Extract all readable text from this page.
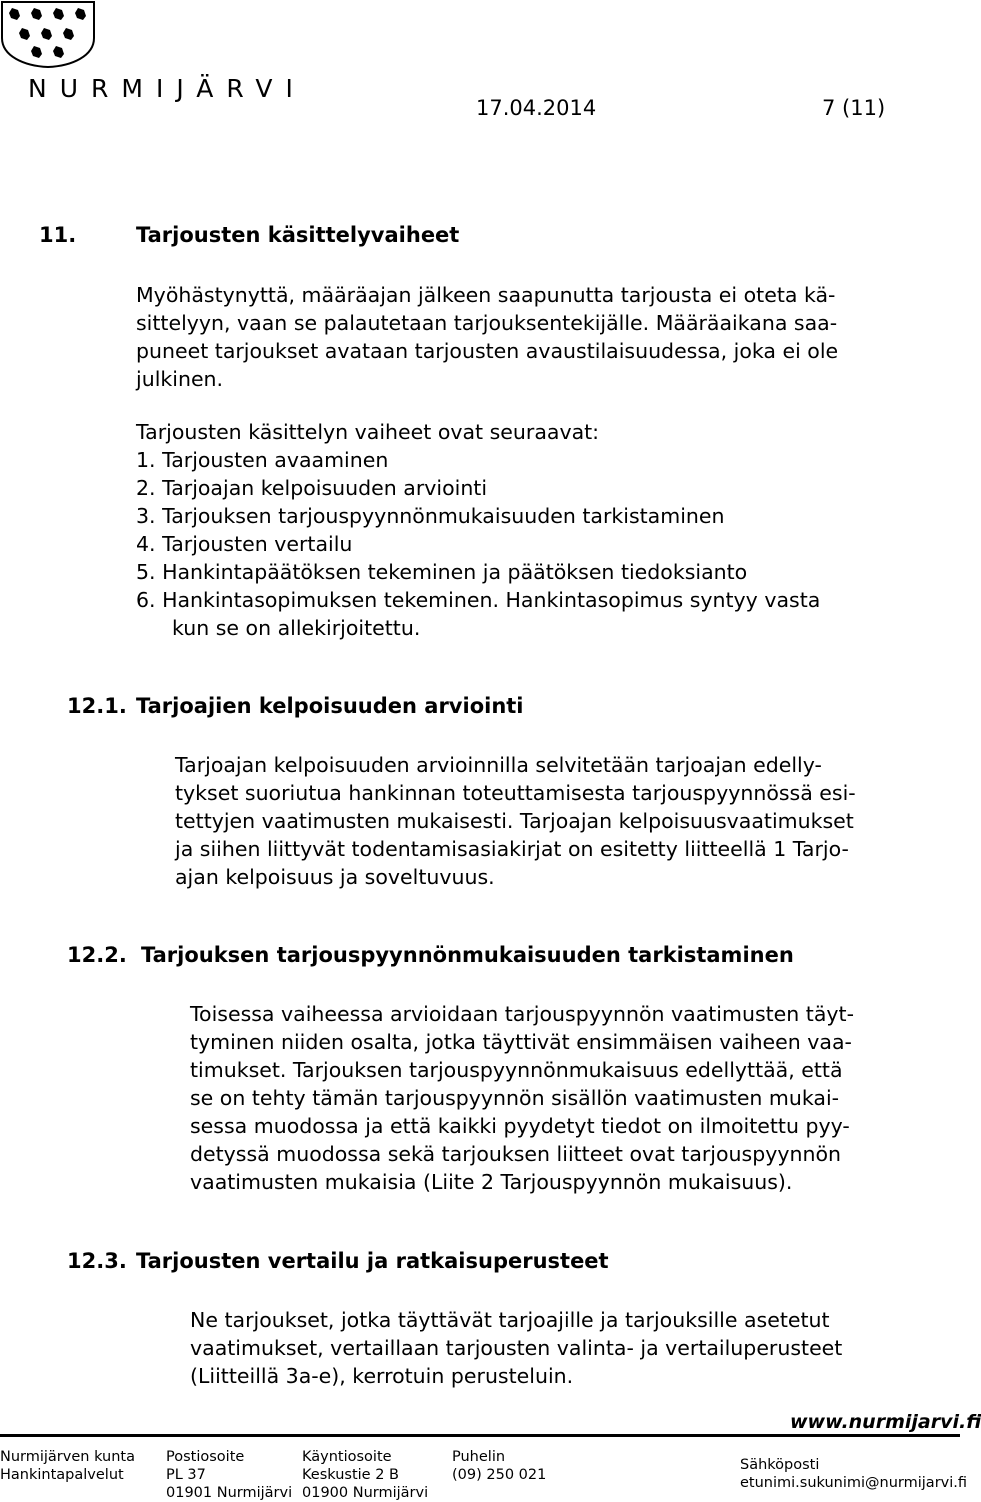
NURMIJÄRVI
17.04.2014	7 (11)
11.	Tarjousten käsittelyvaiheet
Myöhästynyttä, määräajan jälkeen saapunutta tarjousta ei oteta kä-
sittelyyn, vaan se palautetaan tarjouksentekijälle. Määräaikana saa-
puneet tarjoukset avataan tarjousten avaustilaisuudessa, joka ei ole
julkinen.
Tarjousten käsittelyn vaiheet ovat seuraavat:
1. Tarjousten avaaminen
2. Tarjoajan kelpoisuuden arviointi
3. Tarjouksen tarjouspyynnönmukaisuuden tarkistaminen
4. Tarjousten vertailu
5. Hankintapäätöksen tekeminen ja päätöksen tiedoksianto
6. Hankintasopimuksen tekeminen. Hankintasopimus syntyy vasta
kun se on allekirjoitettu.
12.1. Tarjoajien kelpoisuuden arviointi
Tarjoajan kelpoisuuden arvioinnilla selvitetään tarjoajan edelly-
tykset suoriutua hankinnan toteuttamisesta tarjouspyynnössä esi-
tettyjen vaatimusten mukaisesti. Tarjoajan kelpoisuusvaatimukset
ja siihen liittyvät todentamisasiakirjat on esitetty liitteellä 1 Tarjo-
ajan kelpoisuus ja soveltuvuus.
12.2. Tarjouksen tarjouspyynnönmukaisuuden tarkistaminen
Toisessa vaiheessa arvioidaan tarjouspyynnön vaatimusten täyt-
tyminen niiden osalta, jotka täyttivät ensimmäisen vaiheen vaa-
timukset. Tarjouksen tarjouspyynnönmukaisuus edellyttää, että
se on tehty tämän tarjouspyynnön sisällön vaatimusten mukai-
sessa muodossa ja että kaikki pyydetyt tiedot on ilmoitettu pyy-
detyssä muodossa sekä tarjouksen liitteet ovat tarjouspyynnön
vaatimusten mukaisia (Liite 2 Tarjouspyynnön mukaisuus).
12.3. Tarjousten vertailu ja ratkaisuperusteet
Ne tarjoukset, jotka täyttävät tarjoajille ja tarjouksille asetetut
vaatimukset, vertaillaan tarjousten valinta- ja vertailuperusteet
(Liitteillä 3a-e), kerrotuin perusteluin.
www.nurmijarvi.fi
Nurmijärven kunta
Hankintapalvelut
Postiosoite
PL 37
01901 Nurmijärvi
Käyntiosoite
Keskustie 2 B
01900 Nurmijärvi
Puhelin
(09) 250 021
Sähköposti
etunimi.sukunimi@nurmijarvi.fi
